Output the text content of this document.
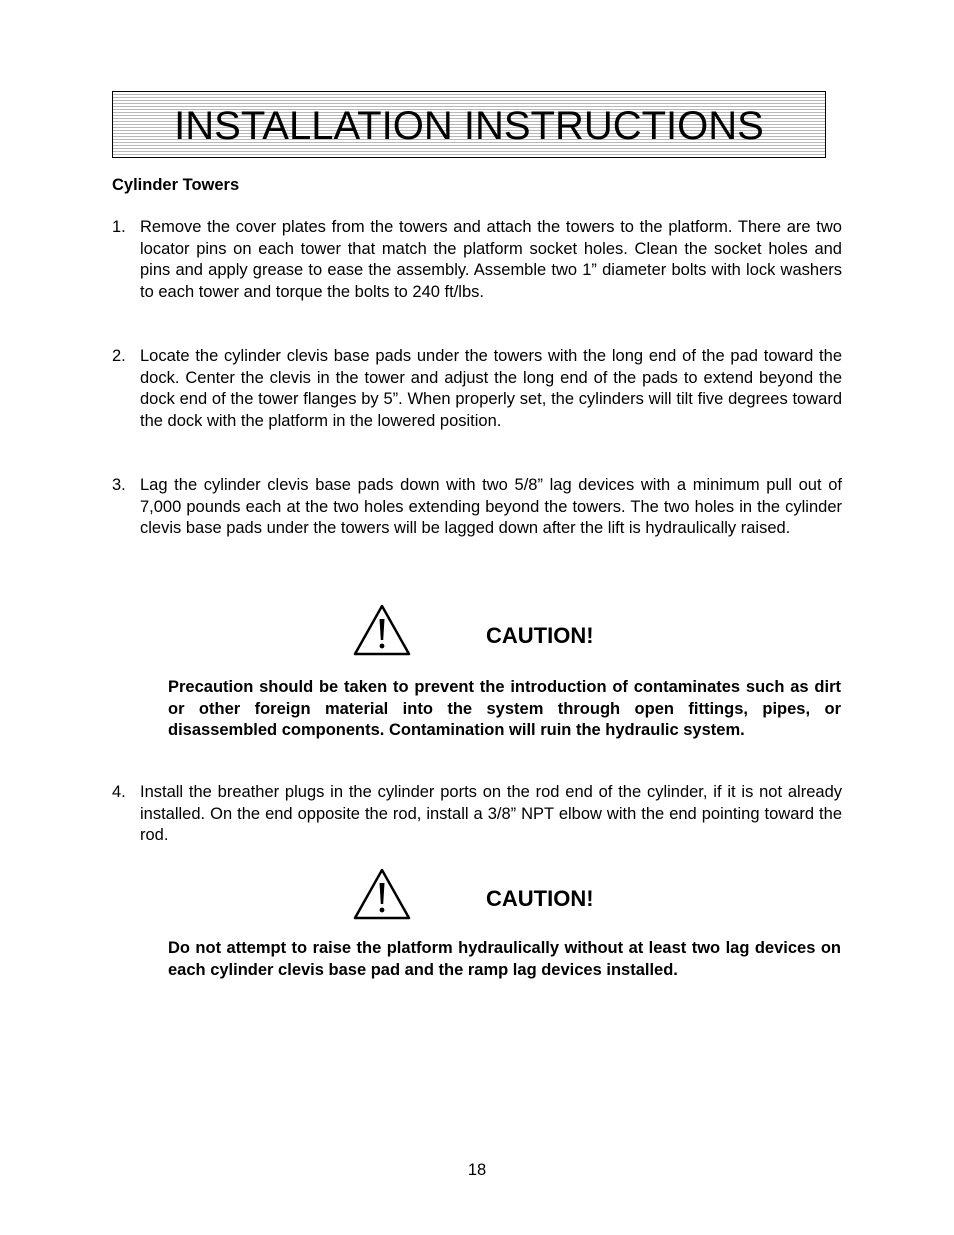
INSTALLATION INSTRUCTIONS
Cylinder Towers
1. Remove the cover plates from the towers and attach the towers to the platform. There are two locator pins on each tower that match the platform socket holes. Clean the socket holes and pins and apply grease to ease the assembly. Assemble two 1” diameter bolts with lock washers to each tower and torque the bolts to 240 ft/lbs.
2. Locate the cylinder clevis base pads under the towers with the long end of the pad toward the dock. Center the clevis in the tower and adjust the long end of the pads to extend beyond the dock end of the tower flanges by 5”. When properly set, the cylinders will tilt five degrees toward the dock with the platform in the lowered position.
3. Lag the cylinder clevis base pads down with two 5/8” lag devices with a minimum pull out of 7,000 pounds each at the two holes extending beyond the towers. The two holes in the cylinder clevis base pads under the towers will be lagged down after the lift is hydraulically raised.
CAUTION!
Precaution should be taken to prevent the introduction of contaminates such as dirt or other foreign material into the system through open fittings, pipes, or disassembled components. Contamination will ruin the hydraulic system.
4. Install the breather plugs in the cylinder ports on the rod end of the cylinder, if it is not already installed. On the end opposite the rod, install a 3/8” NPT elbow with the end pointing toward the rod.
CAUTION!
Do not attempt to raise the platform hydraulically without at least two lag devices on each cylinder clevis base pad and the ramp lag devices installed.
18
